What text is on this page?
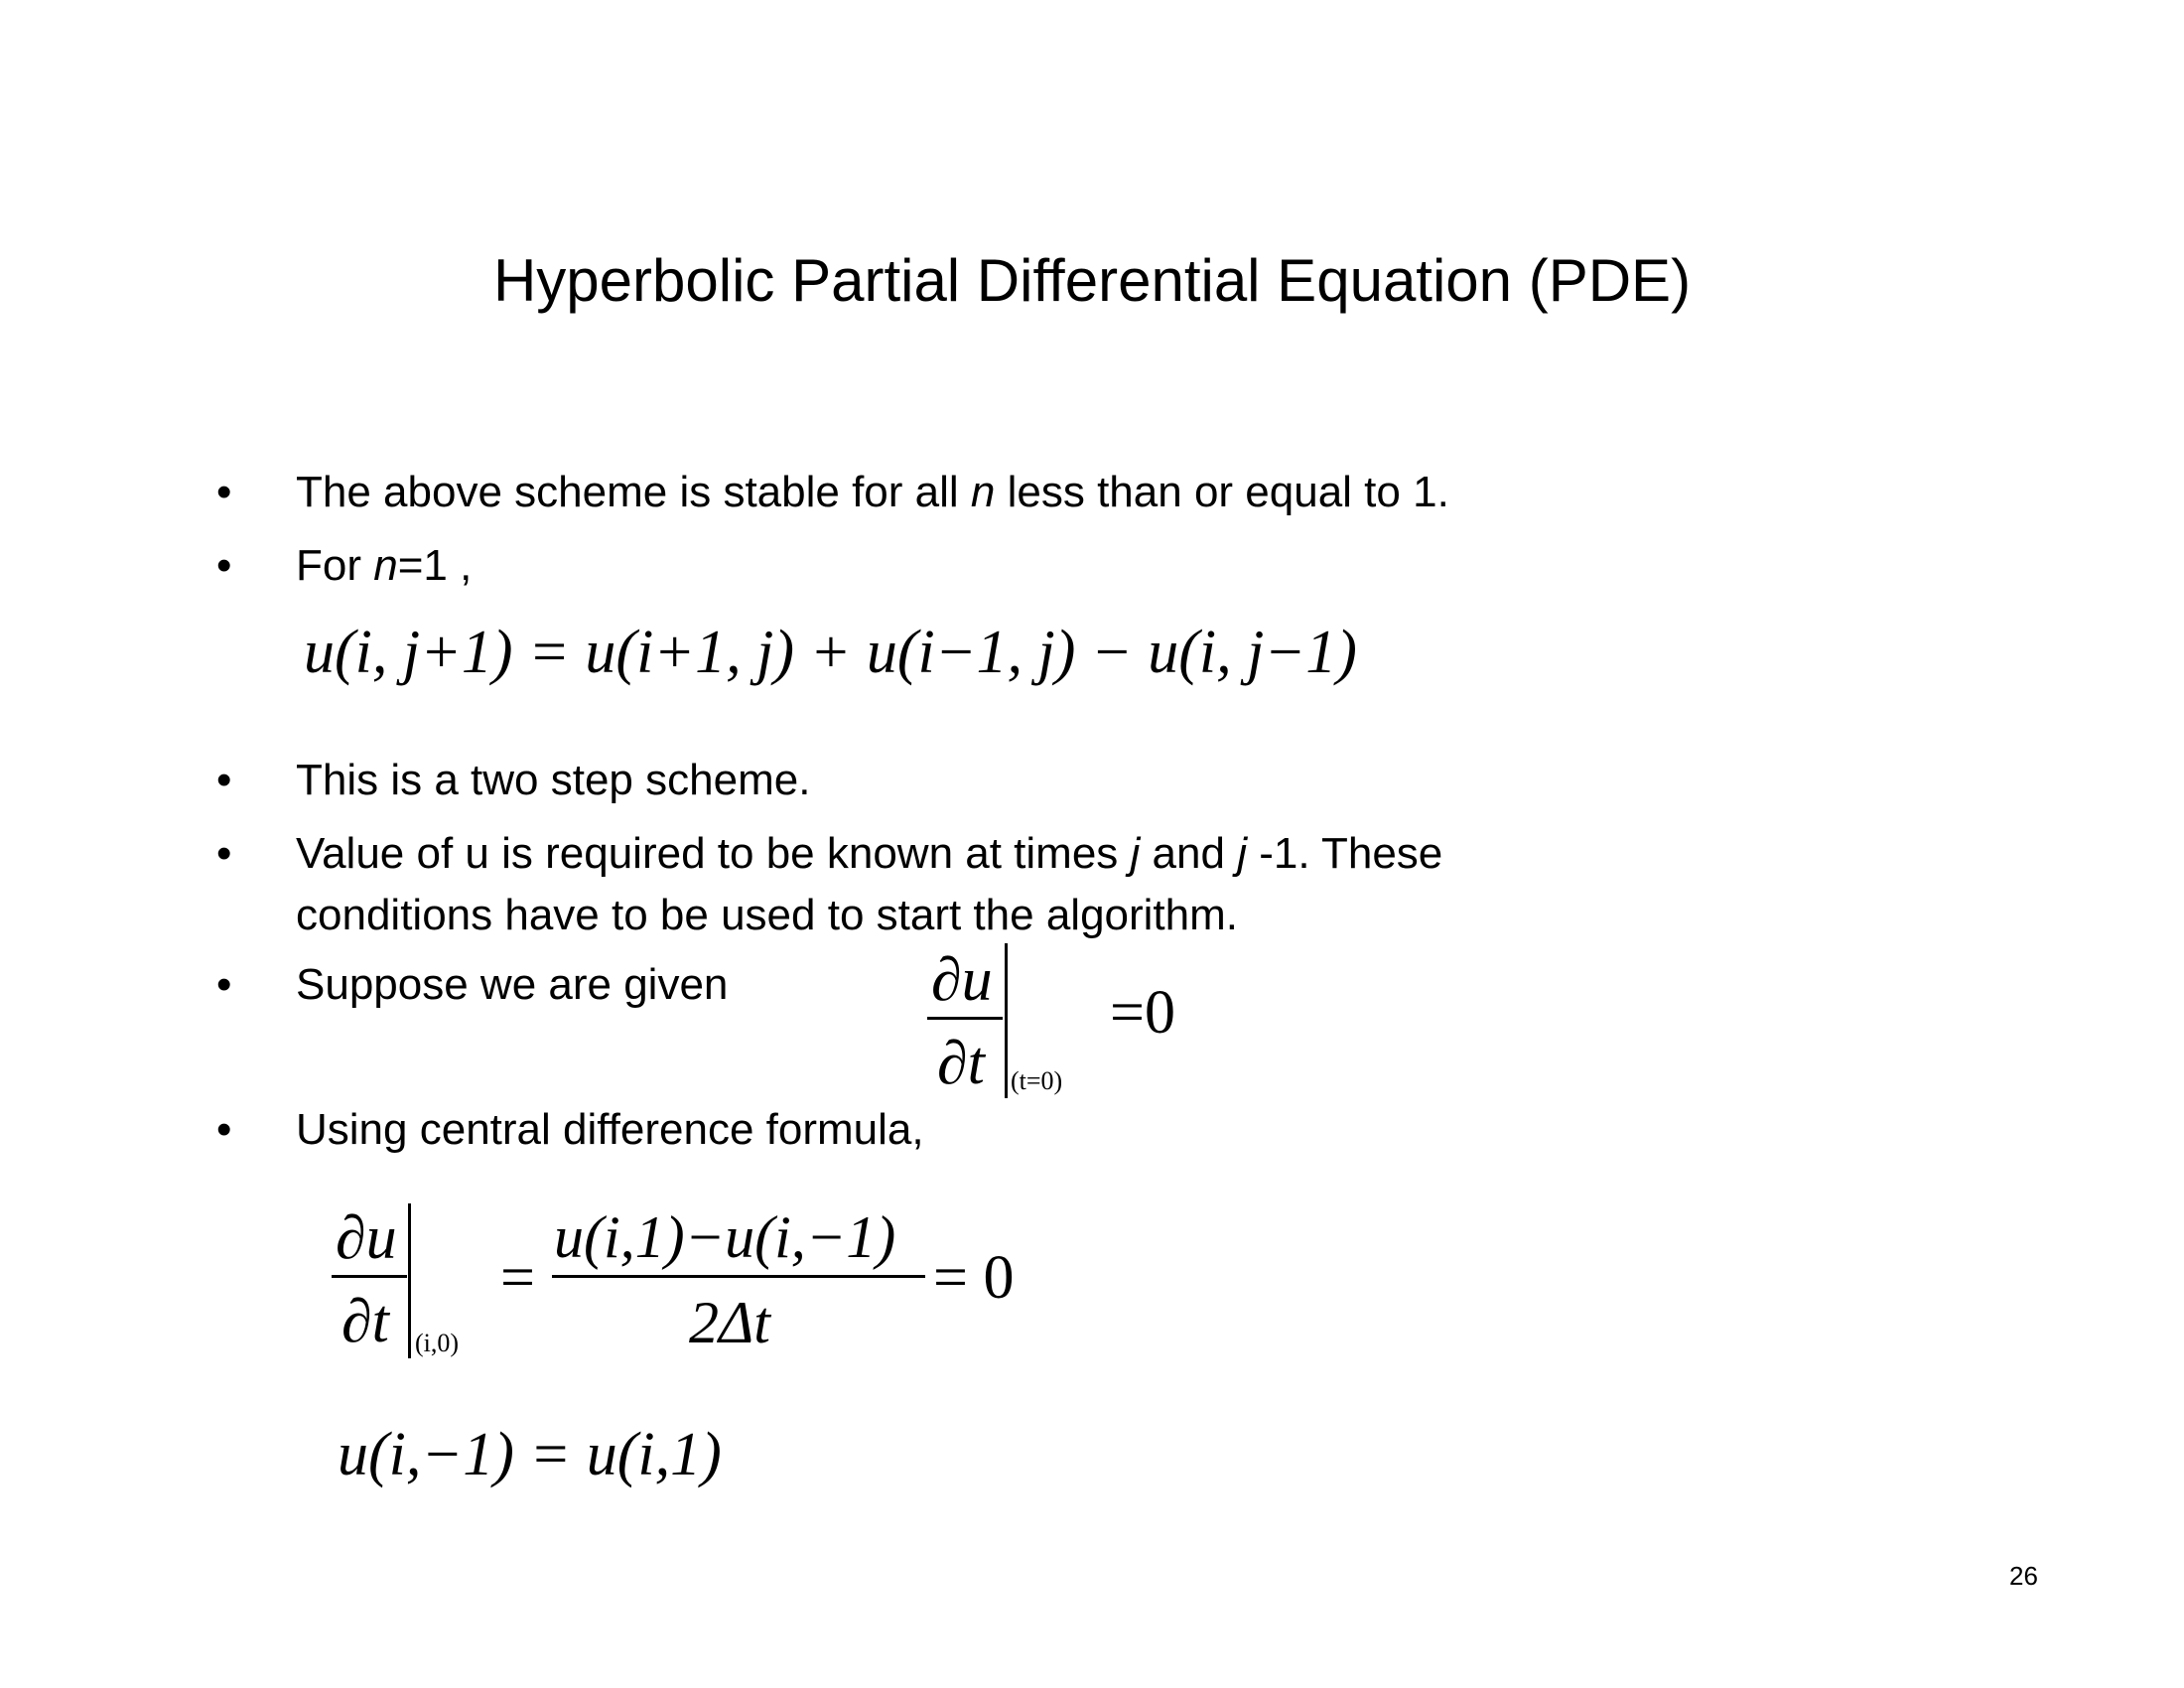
Hyperbolic Partial Differential Equation (PDE)
• The above scheme is stable for all n less than or equal to 1.
• For n=1 ,
u(i, j+1) = u(i+1, j) + u(i−1, j) − u(i, j−1)
• This is a two step scheme.
• Value of u is required to be known at times j and j -1. These
conditions have to be used to start the algorithm.
• Suppose we are given	∂u
∂t (t=0)
=0
• Using central difference formula,
∂u
∂t (i,0)
=
u(i,1)−u(i,−1)
2Δt
= 0
u(i,−1) = u(i,1)
26
